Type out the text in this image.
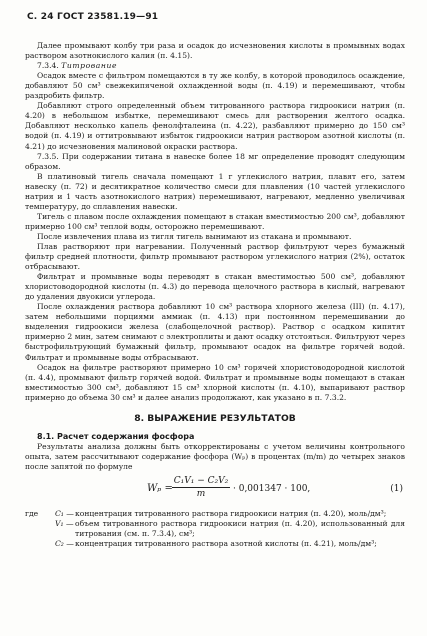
С. 24 ГОСТ 23581.19—91

Далее промывают колбу три раза и осадок до исчезновения кислоты в промывных водах раствором азотнокислого калия (п. 4.15).

7.3.4. Титрование

Осадок вместе с фильтром помещаются в ту же колбу, в которой проводилось осаждение, добавляют 50 см³ свежекипяченой охлажденной воды (п. 4.19) и перемешивают, чтобы раздробить фильтр.

Добавляют строго определенный объем титрованного раствора гидроокиси натрия (п. 4.20) в небольшом избытке, перемешивают смесь для растворения желтого осадка. Добавляют несколько капель фенолфталеина (п. 4.22), разбавляют примерно до 150 см³ водой (п. 4.19) и оттитровывают избыток гидроокиси натрия раствором азотной кислоты (п. 4.21) до исчезновения малиновой окраски раствора.

7.3.5. При содержании титана в навеске более 18 мг определение проводят следующим образом.

В платиновый тигель сначала помещают 1 г углекислого натрия, плавят его, затем навеску (п. 72) и десятикратное количество смеси для плавления (10 частей углекислого натрия и 1 часть азотнокислого натрия) перемешивают, нагревают, медленно увеличивая температуру, до сплавления навески.

Тигель с плавом после охлаждения помещают в стакан вместимостью 200 см³, добавляют примерно 100 см³ теплой воды, осторожно перемешивают.

После извлечения плава из тигля тигель вынимают из стакана и промывают.

Плав растворяют при нагревании. Полученный раствор фильтруют через бумажный фильтр средней плотности, фильтр промывают раствором углекислого натрия (2%), остаток отбрасывают.

Фильтрат и промывные воды переводят в стакан вместимостью 500 см³, добавляют хлористоводородной кислоты (п. 4.3) до перевода щелочного раствора в кислый, нагревают до удаления двуокиси углерода.

После охлаждения раствора добавляют 10 см³ раствора хлорного железа (III) (п. 4.17), затем небольшими порциями аммиак (п. 4.13) при постоянном перемешивании до выделения гидроокиси железа (слабощелочной раствор). Раствор с осадком кипятят примерно 2 мин, затем снимают с электроплиты и дают осадку отстояться. Фильтруют через быстрофильтрующий бумажный фильтр, промывают осадок на фильтре горячей водой. Фильтрат и промывные воды отбрасывают.

Осадок на фильтре растворяют примерно 10 см³ горячей хлористоводородной кислотой (п. 4.4), промывают фильтр горячей водой. Фильтрат и промывные воды помещают в стакан вместимостью 300 см³, добавляют 15 см³ хлорной кислоты (п. 4.10), выпаривают раствор примерно до объема 30 см³ и далее анализ продолжают, как указано в п. 7.3.2.

8. ВЫРАЖЕНИЕ РЕЗУЛЬТАТОВ

8.1. Расчет содержания фосфора

Результаты анализа должны быть откорректированы с учетом величины контрольного опыта, затем рассчитывают содержание фосфора (Wₚ) в процентах (m/m) до четырех знаков после запятой по формуле

Wₚ =
C₁V₁ − C₂V₂
m
· 0,001347 · 100,	(1)
где	C₁ — концентрация титрованного раствора гидроокиси натрия (п. 4.20), моль/дм³;
V₁ — объем титрованного раствора гидроокиси натрия (п. 4.20), использованный для титрования (см. п. 7.3.4), см³;
C₂ — концентрация титрованного раствора азотной кислоты (п. 4.21), моль/дм³;
